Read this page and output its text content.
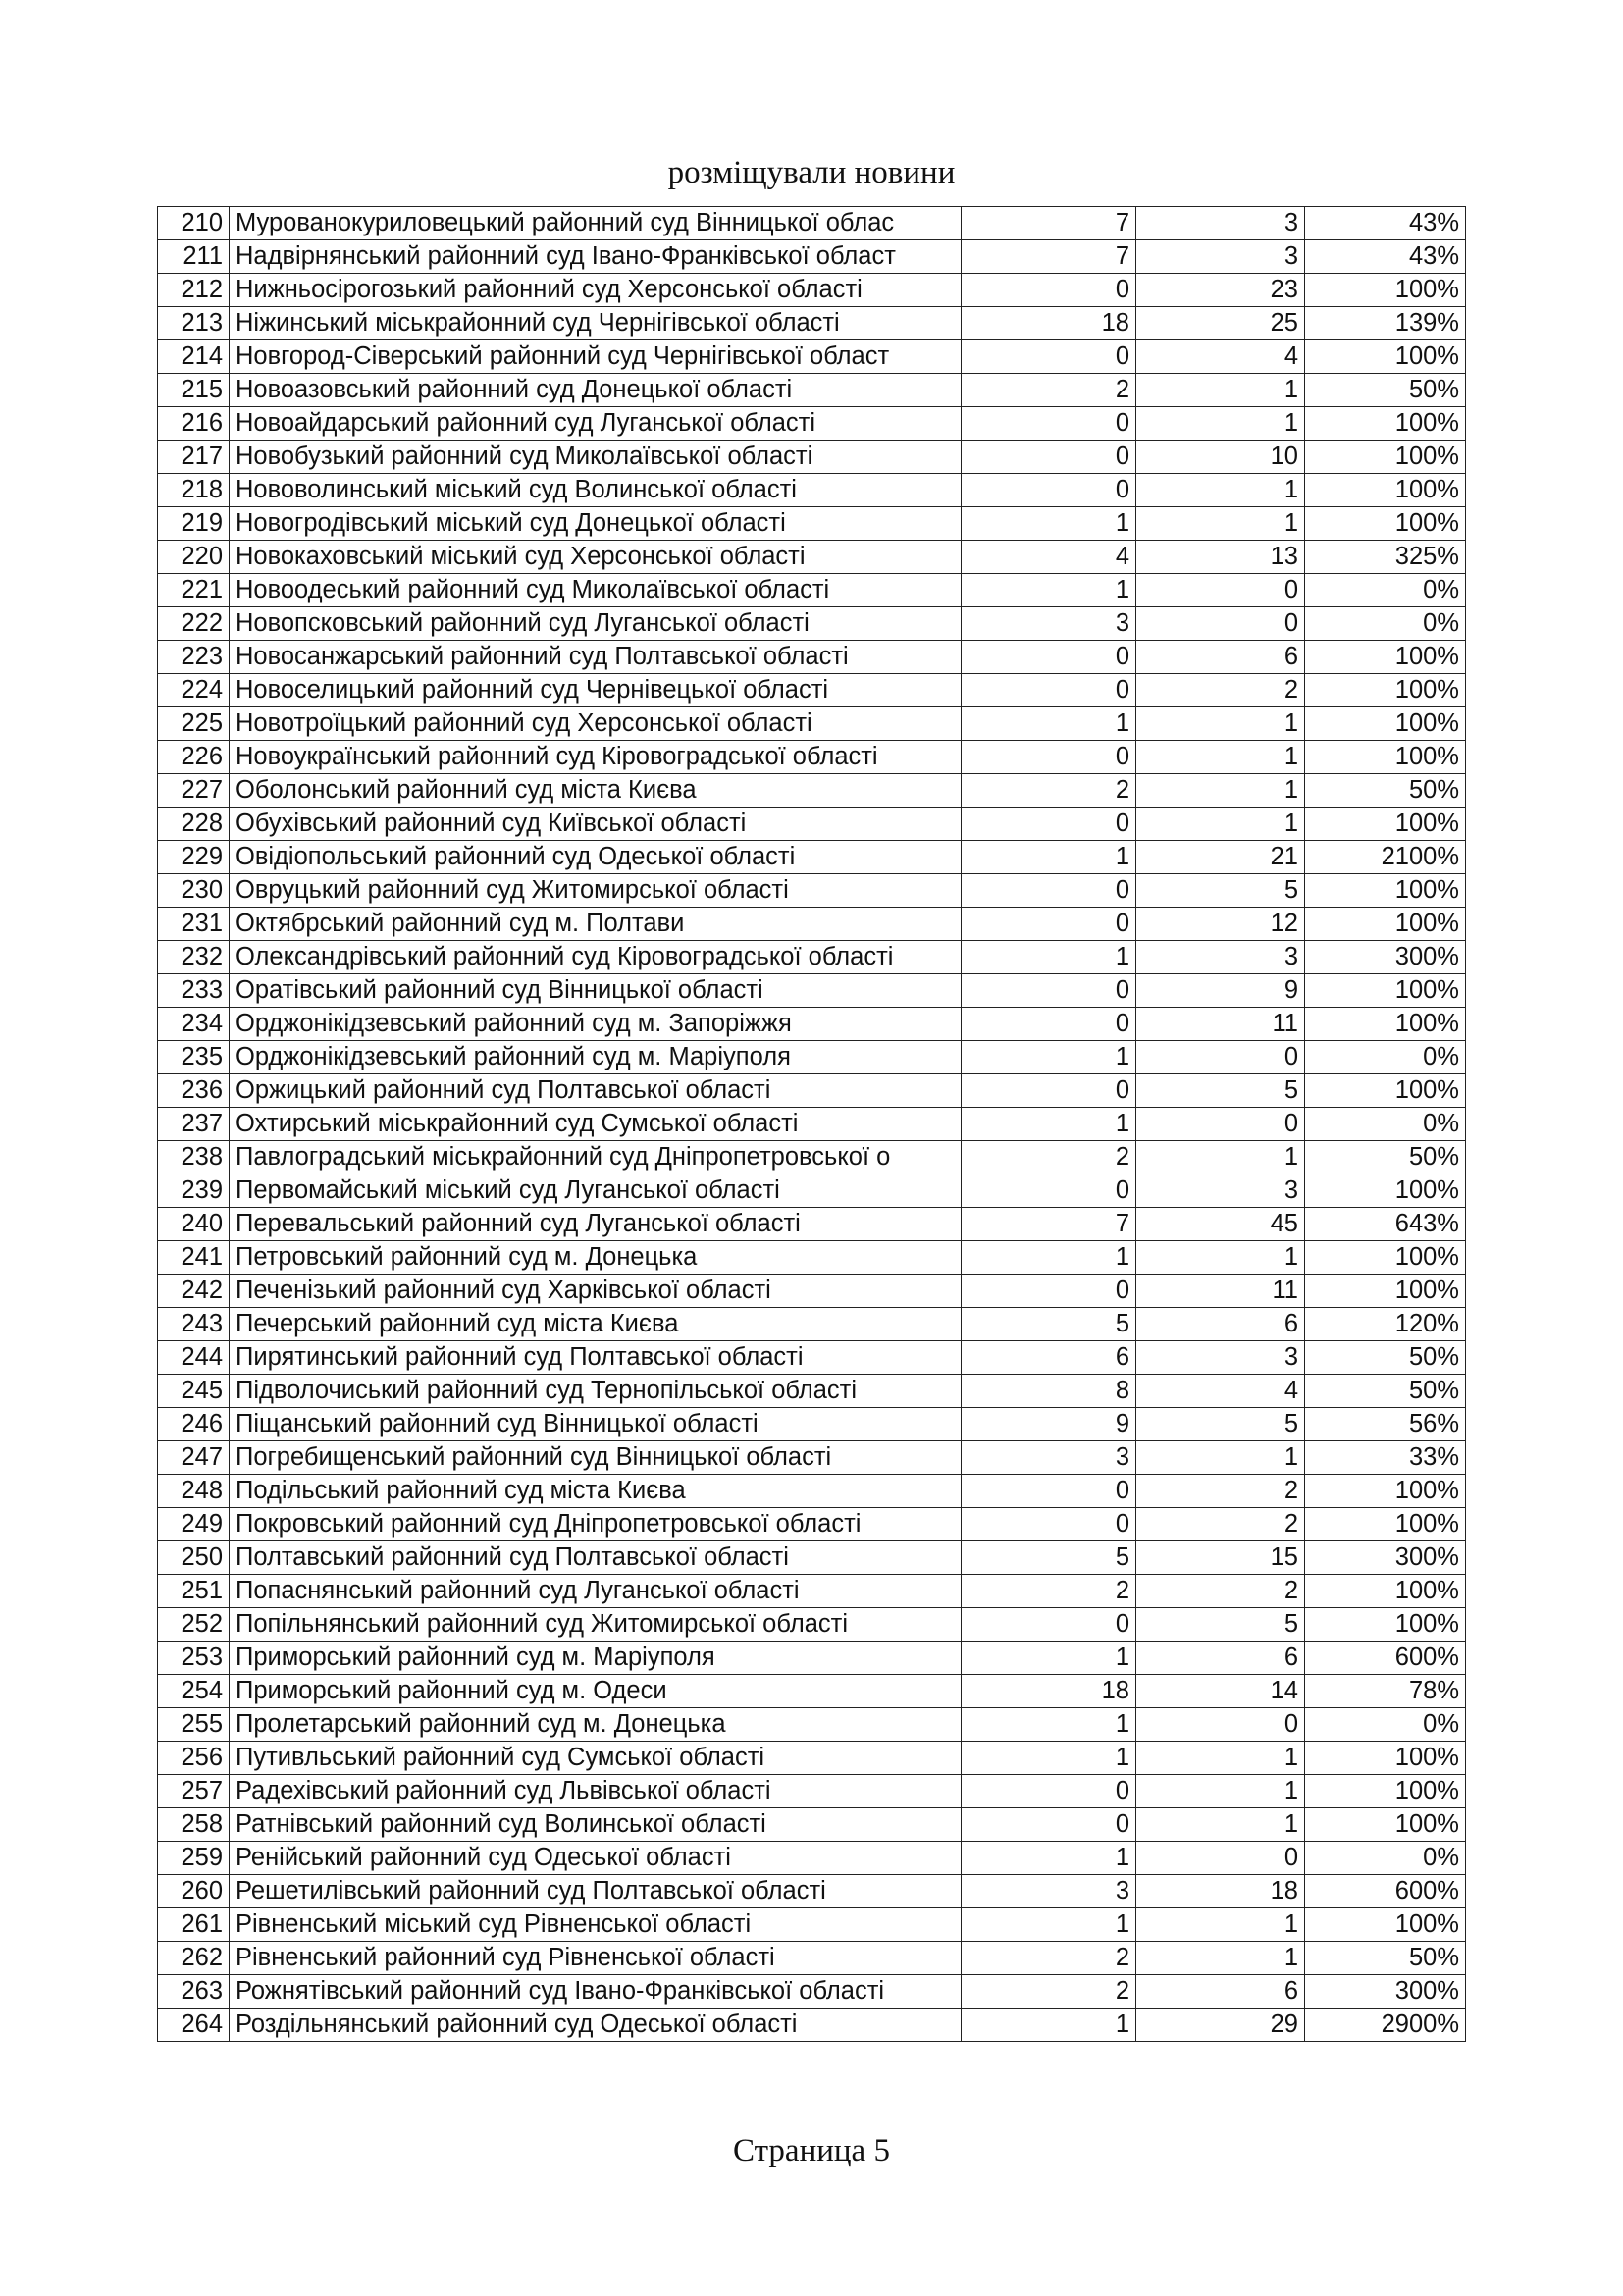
розміщували новини
210	Мурованокуриловецький районний суд Вінницької облас	7	3	43%
211	Надвірнянський районний суд Івано-Франківської област	7	3	43%
212	Нижньосірогозький районний суд Херсонської області	0	23	100%
213	Ніжинський міськрайонний суд Чернігівської області	18	25	139%
214	Новгород-Сіверський районний суд Чернігівської област	0	4	100%
215	Новоазовський районний суд Донецької області	2	1	50%
216	Новоайдарський районний суд Луганської області	0	1	100%
217	Новобузький районний суд Миколаївської області	0	10	100%
218	Нововолинський міський суд Волинської області	0	1	100%
219	Новогродівський міський суд Донецької області	1	1	100%
220	Новокаховський міський суд Херсонської області	4	13	325%
221	Новоодеський районний суд Миколаївської області	1	0	0%
222	Новопсковський районний суд Луганської області	3	0	0%
223	Новосанжарський районний суд Полтавської області	0	6	100%
224	Новоселицький районний суд Чернівецької області	0	2	100%
225	Новотроїцький районний суд Херсонської області	1	1	100%
226	Новоукраїнський районний суд Кіровоградської області	0	1	100%
227	Оболонський районний суд міста Києва	2	1	50%
228	Обухівський районний суд Київської області	0	1	100%
229	Овідіопольський районний суд Одеської області	1	21	2100%
230	Овруцький районний суд Житомирської області	0	5	100%
231	Октябрський районний суд м. Полтави	0	12	100%
232	Олександрівський районний суд Кіровоградської області	1	3	300%
233	Оратівський районний суд Вінницької області	0	9	100%
234	Орджонікідзевський районний суд м. Запоріжжя	0	11	100%
235	Орджонікідзевський районний суд м. Маріуполя	1	0	0%
236	Оржицький районний суд Полтавської області	0	5	100%
237	Охтирський міськрайонний суд Сумської області	1	0	0%
238	Павлоградський міськрайонний суд Дніпропетровської о	2	1	50%
239	Первомайський міський суд Луганської області	0	3	100%
240	Перевальський районний суд Луганської області	7	45	643%
241	Петровський районний суд м. Донецька	1	1	100%
242	Печенізький районний суд Харківської області	0	11	100%
243	Печерський районний суд міста Києва	5	6	120%
244	Пирятинський районний суд Полтавської області	6	3	50%
245	Підволочиський районний суд Тернопільської області	8	4	50%
246	Піщанський районний суд Вінницької області	9	5	56%
247	Погребищенський районний суд Вінницької області	3	1	33%
248	Подільський районний суд міста Києва	0	2	100%
249	Покровський районний суд Дніпропетровської області	0	2	100%
250	Полтавський районний суд Полтавської області	5	15	300%
251	Попаснянський районний суд Луганської області	2	2	100%
252	Попільнянський районний суд Житомирської області	0	5	100%
253	Приморський районний суд м. Маріуполя	1	6	600%
254	Приморський районний суд м. Одеси	18	14	78%
255	Пролетарський районний суд м. Донецька	1	0	0%
256	Путивльський районний суд Сумської області	1	1	100%
257	Радехівський районний суд Львівської області	0	1	100%
258	Ратнівський районний суд Волинської області	0	1	100%
259	Ренійський районний суд Одеської області	1	0	0%
260	Решетилівський районний суд Полтавської області	3	18	600%
261	Рівненський міський суд Рівненської області	1	1	100%
262	Рівненський районний суд Рівненської області	2	1	50%
263	Рожнятівський районний суд Івано-Франківської області	2	6	300%
264	Роздільнянський районний суд Одеської області	1	29	2900%
Страница 5
